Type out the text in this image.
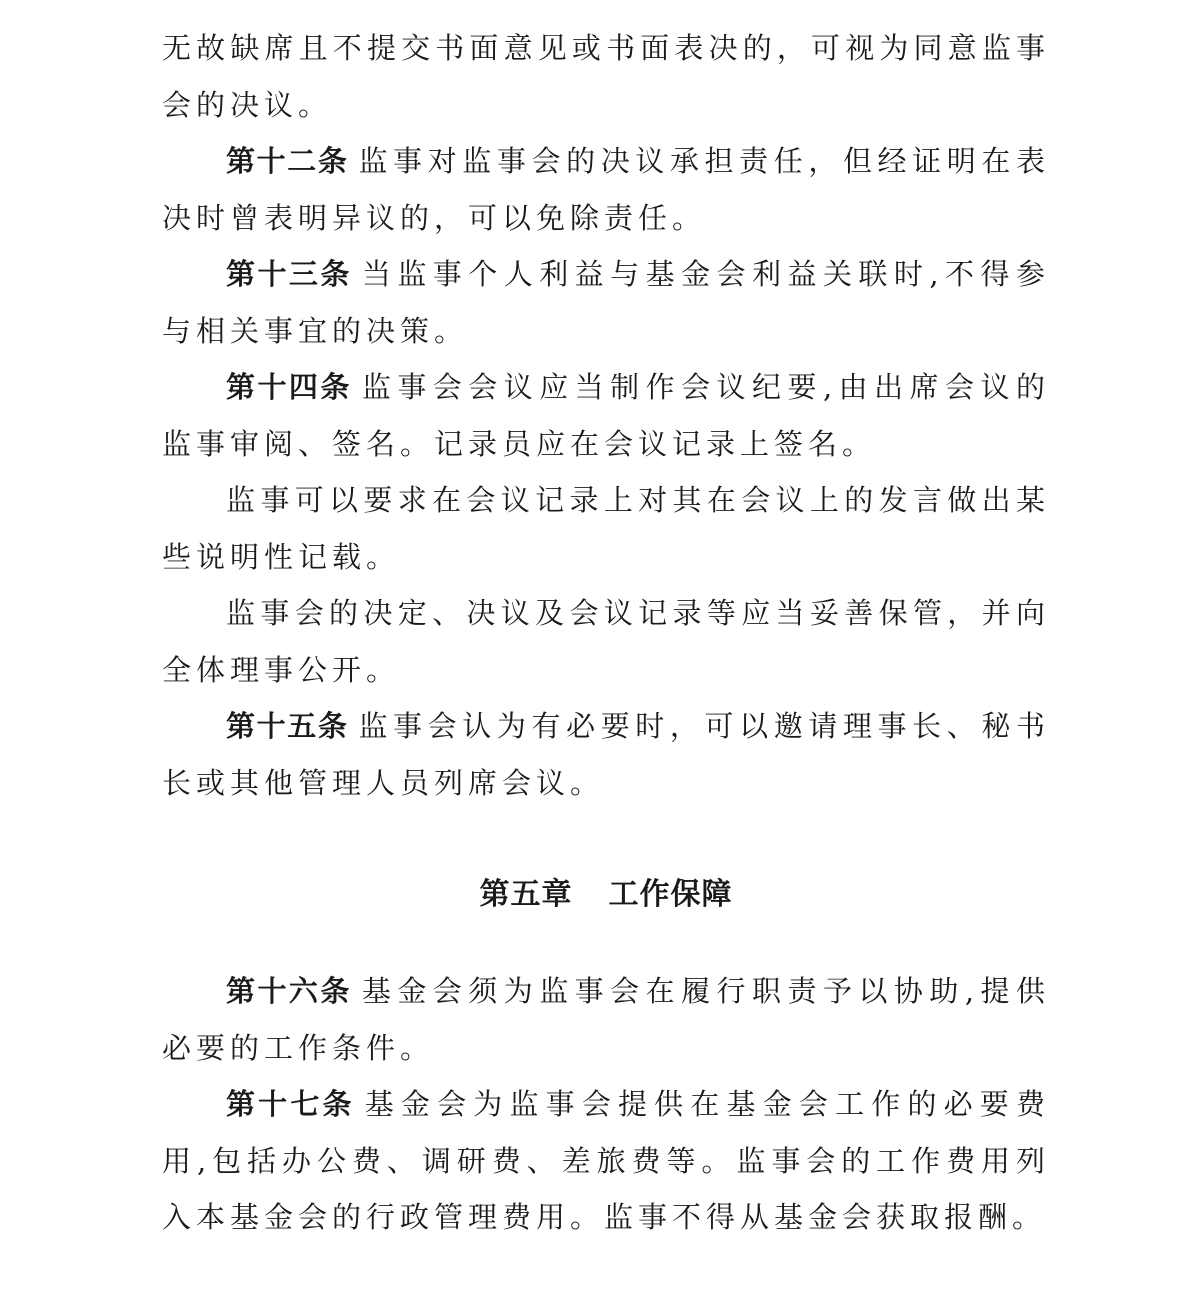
无故缺席且不提交书面意见或书面表决的，可视为同意监事会的决议。

第十二条 监事对监事会的决议承担责任，但经证明在表决时曾表明异议的，可以免除责任。

第十三条 当监事个人利益与基金会利益关联时,不得参与相关事宜的决策。

第十四条 监事会会议应当制作会议纪要,由出席会议的监事审阅、签名。记录员应在会议记录上签名。

监事可以要求在会议记录上对其在会议上的发言做出某些说明性记载。

监事会的决定、决议及会议记录等应当妥善保管，并向全体理事公开。

第十五条 监事会认为有必要时，可以邀请理事长、秘书长或其他管理人员列席会议。

第五章 工作保障

第十六条 基金会须为监事会在履行职责予以协助,提供必要的工作条件。

第十七条 基金会为监事会提供在基金会工作的必要费用,包括办公费、调研费、差旅费等。监事会的工作费用列入本基金会的行政管理费用。监事不得从基金会获取报酬。
